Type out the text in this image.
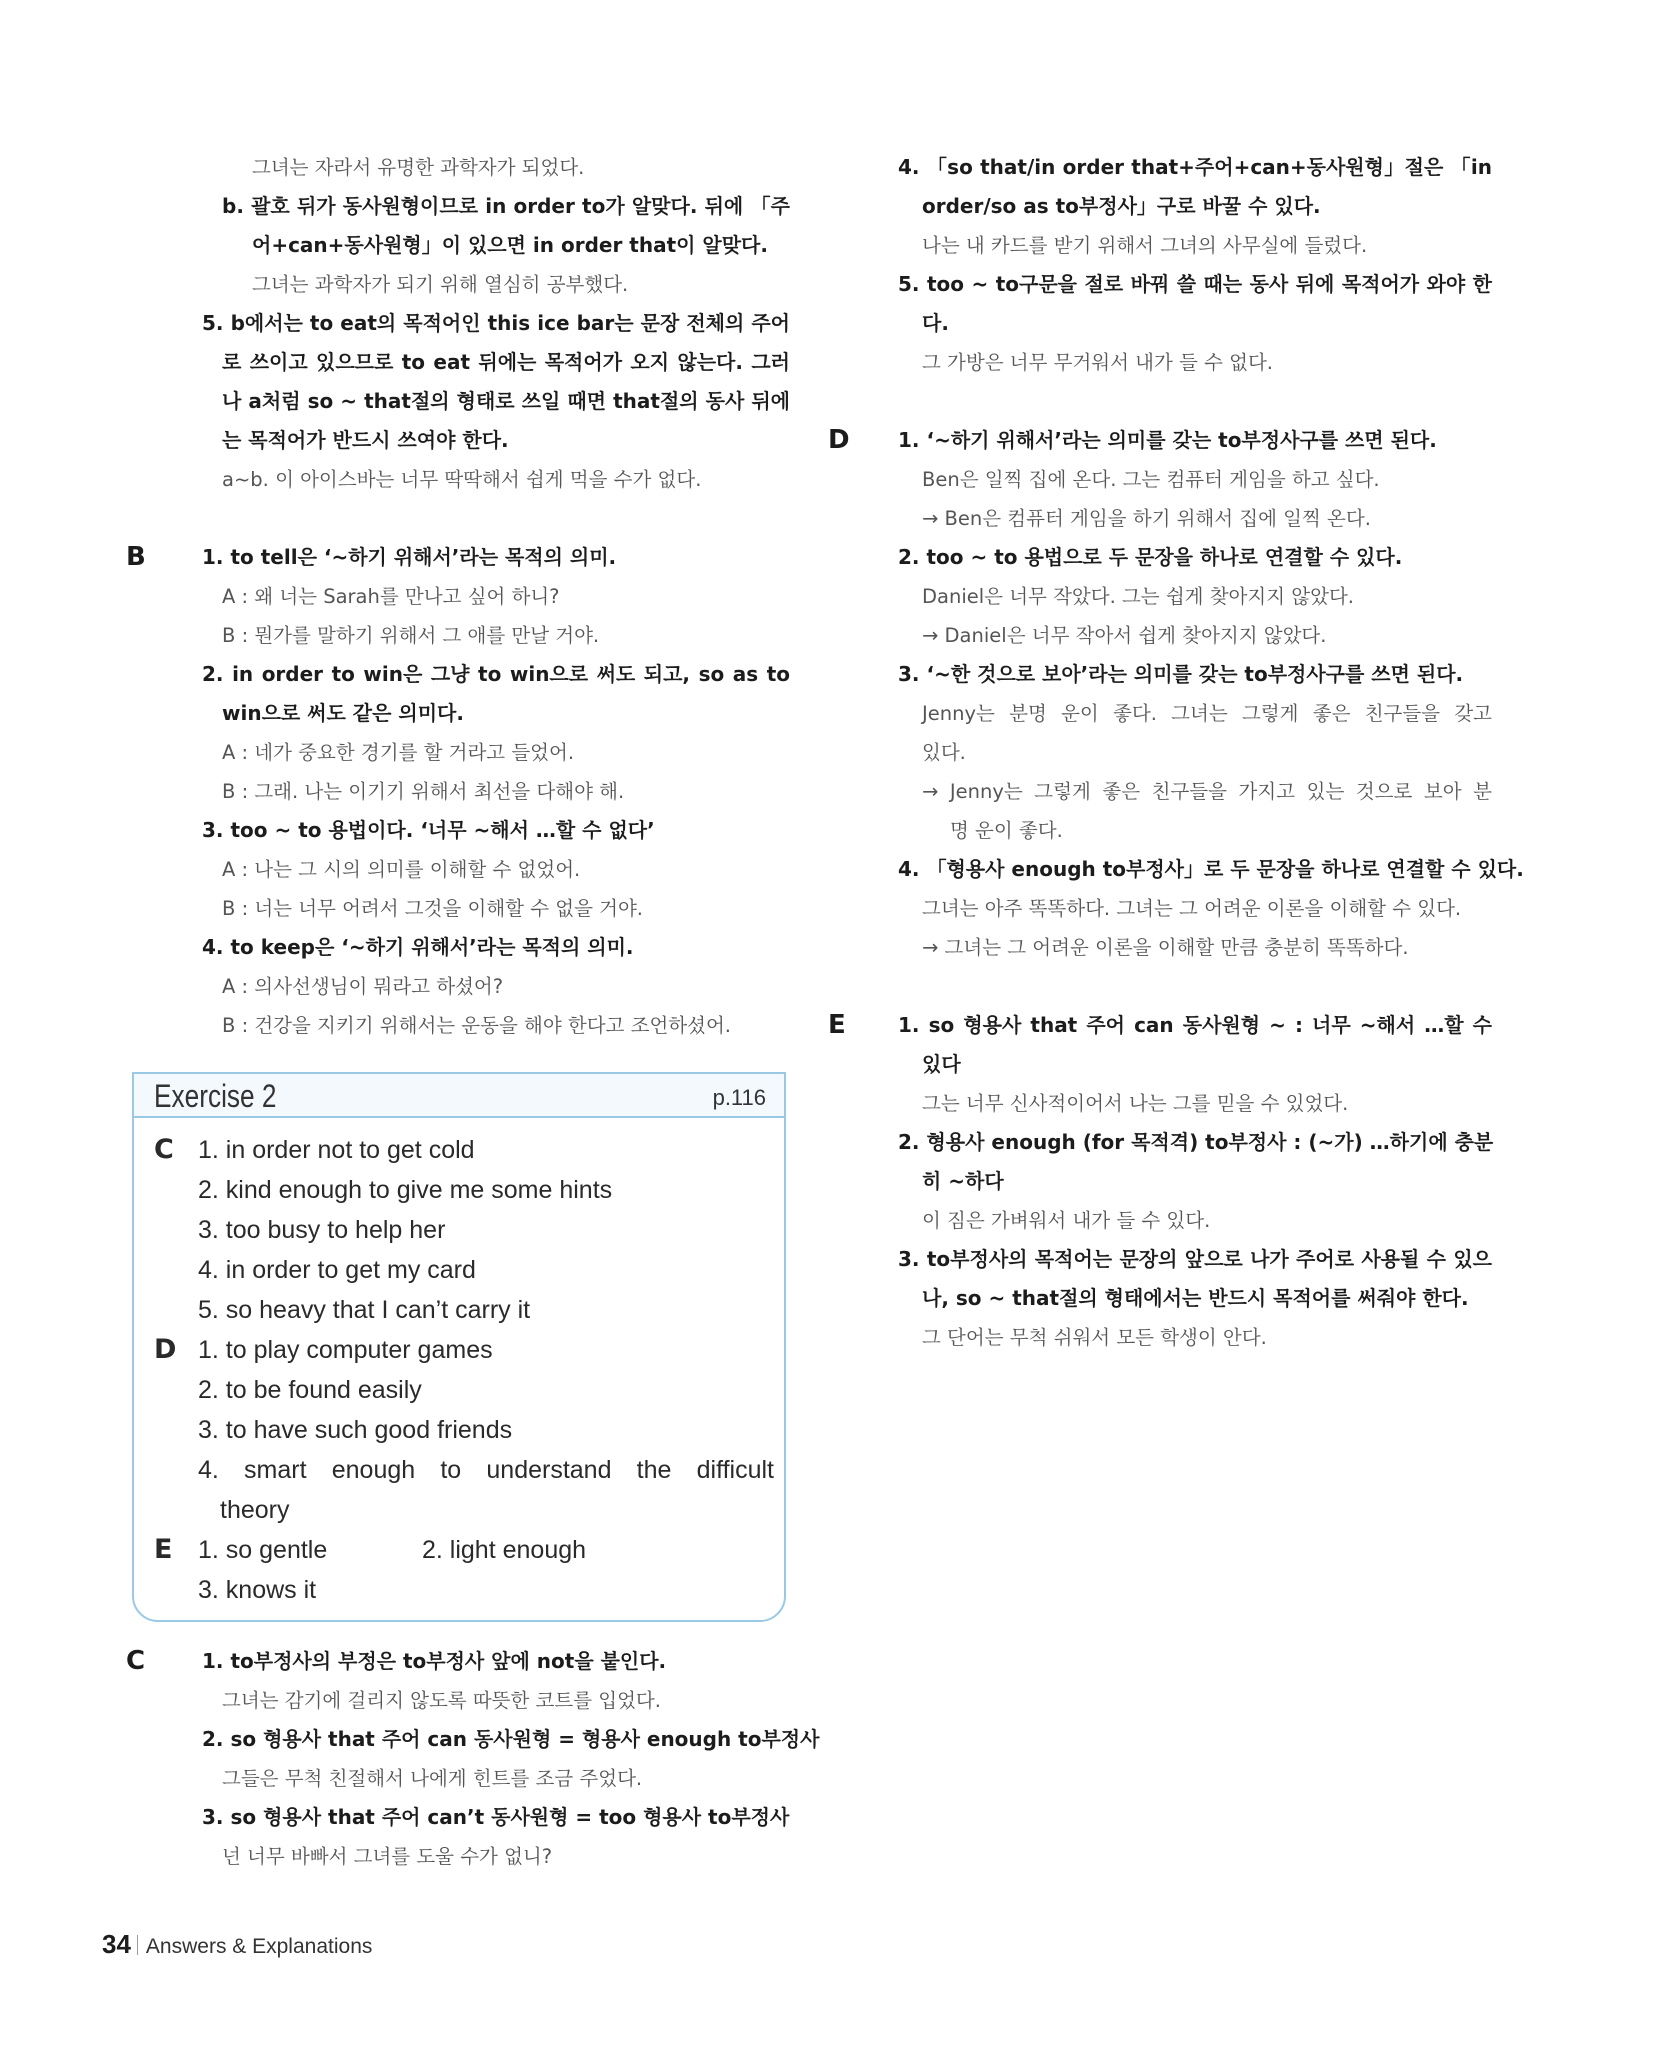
그녀는 자라서 유명한 과학자가 되었다.
b. 괄호 뒤가 동사원형이므로 in order to가 알맞다. 뒤에 「주
어+can+동사원형」이 있으면 in order that이 알맞다.
그녀는 과학자가 되기 위해 열심히 공부했다.
5. b에서는 to eat의 목적어인 this ice bar는 문장 전체의 주어
로 쓰이고 있으므로 to eat 뒤에는 목적어가 오지 않는다. 그러
나 a처럼 so ~ that절의 형태로 쓰일 때면 that절의 동사 뒤에
는 목적어가 반드시 쓰여야 한다.
a~b. 이 아이스바는 너무 딱딱해서 쉽게 먹을 수가 없다.
B	1. to tell은 ‘~하기 위해서’라는 목적의 의미.
A : 왜 너는 Sarah를 만나고 싶어 하니?
B : 뭔가를 말하기 위해서 그 애를 만날 거야.
2. in order to win은 그냥 to win으로 써도 되고, so as to
win으로 써도 같은 의미다.
A : 네가 중요한 경기를 할 거라고 들었어.
B : 그래. 나는 이기기 위해서 최선을 다해야 해.
3. too ~ to 용법이다. ‘너무 ~해서 …할 수 없다’
A : 나는 그 시의 의미를 이해할 수 없었어.
B : 너는 너무 어려서 그것을 이해할 수 없을 거야.
4. to keep은 ‘~하기 위해서’라는 목적의 의미.
A : 의사선생님이 뭐라고 하셨어?
B : 건강을 지키기 위해서는 운동을 해야 한다고 조언하셨어.
Exercise 2	p.116
C 1. in order not to get cold
2. kind enough to give me some hints
3. too busy to help her
4. in order to get my card
5. so heavy that I can’t carry it
D 1. to play computer games
2. to be found easily
3. to have such good friends
4. smart enough to understand the difficult
theory
E 1. so gentle	2. light enough
3. knows it
C	1. to부정사의 부정은 to부정사 앞에 not을 붙인다.
그녀는 감기에 걸리지 않도록 따뜻한 코트를 입었다.
2. so 형용사 that 주어 can 동사원형 = 형용사 enough to부정사
그들은 무척 친절해서 나에게 힌트를 조금 주었다.
3. so 형용사 that 주어 can’t 동사원형 = too 형용사 to부정사
넌 너무 바빠서 그녀를 도울 수가 없니?
4. 「so that/in order that+주어+can+동사원형」절은 「in
order/so as to부정사」구로 바꿀 수 있다.
나는 내 카드를 받기 위해서 그녀의 사무실에 들렀다.
5. too ~ to구문을 절로 바꿔 쓸 때는 동사 뒤에 목적어가 와야 한
다.
그 가방은 너무 무거워서 내가 들 수 없다.
D 1. ‘~하기 위해서’라는 의미를 갖는 to부정사구를 쓰면 된다.
Ben은 일찍 집에 온다. 그는 컴퓨터 게임을 하고 싶다.
→ Ben은 컴퓨터 게임을 하기 위해서 집에 일찍 온다.
2. too ~ to 용법으로 두 문장을 하나로 연결할 수 있다.
Daniel은 너무 작았다. 그는 쉽게 찾아지지 않았다.
→ Daniel은 너무 작아서 쉽게 찾아지지 않았다.
3. ‘~한 것으로 보아’라는 의미를 갖는 to부정사구를 쓰면 된다.
Jenny는 분명 운이 좋다. 그녀는 그렇게 좋은 친구들을 갖고
있다.
→ Jenny는 그렇게 좋은 친구들을 가지고 있는 것으로 보아 분
명 운이 좋다.
4. 「형용사 enough to부정사」로 두 문장을 하나로 연결할 수 있다.
그녀는 아주 똑똑하다. 그녀는 그 어려운 이론을 이해할 수 있다.
→ 그녀는 그 어려운 이론을 이해할 만큼 충분히 똑똑하다.
E	1. so 형용사 that 주어 can 동사원형 ~ : 너무 ~해서 …할 수
있다
그는 너무 신사적이어서 나는 그를 믿을 수 있었다.
2. 형용사 enough (for 목적격) to부정사 : (~가) …하기에 충분
히 ~하다
이 짐은 가벼워서 내가 들 수 있다.
3. to부정사의 목적어는 문장의 앞으로 나가 주어로 사용될 수 있으
나, so ~ that절의 형태에서는 반드시 목적어를 써줘야 한다.
그 단어는 무척 쉬워서 모든 학생이 안다.
34 Answers & Explanations
